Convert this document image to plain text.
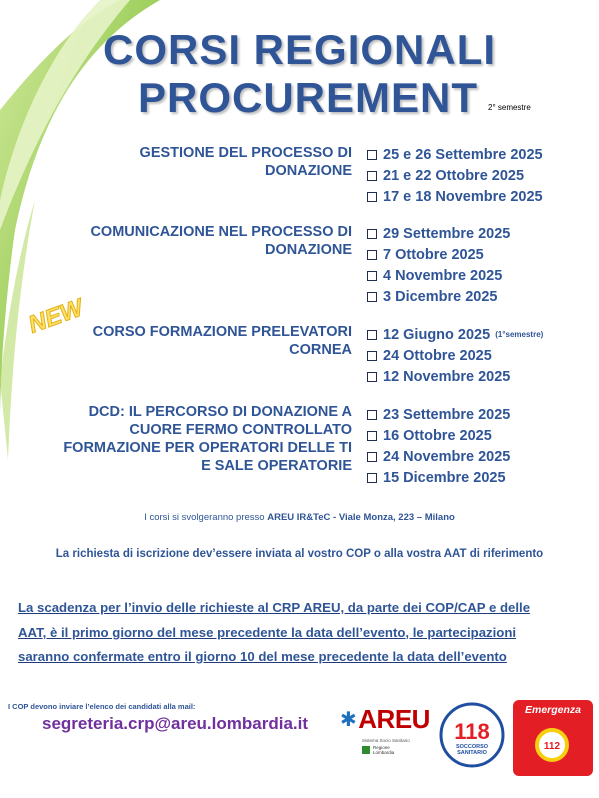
CORSI REGIONALI
PROCUREMENT 2° semestre
GESTIONE DEL PROCESSO DI
DONAZIONE
25 e 26 Settembre 2025
21 e 22 Ottobre 2025
17 e 18 Novembre 2025
COMUNICAZIONE NEL PROCESSO DI
DONAZIONE
29 Settembre 2025
7 Ottobre 2025
4 Novembre 2025
3 Dicembre 2025
NEW CORSO FORMAZIONE PRELEVATORI
CORNEA
12 Giugno 2025 (1°semestre)
24 Ottobre 2025
12 Novembre 2025
DCD: IL PERCORSO DI DONAZIONE A
CUORE FERMO CONTROLLATO
FORMAZIONE PER OPERATORI DELLE TI
E SALE OPERATORIE
23 Settembre 2025
16 Ottobre 2025
24 Novembre 2025
15 Dicembre 2025
I corsi si svolgeranno presso AREU IR&TeC - Viale Monza, 223 – Milano
La richiesta di iscrizione dev’essere inviata al vostro COP o alla vostra AAT di riferimento
La scadenza per l’invio delle richieste al CRP AREU, da parte dei COP/CAP e delle
AAT, è il primo giorno del mese precedente la data dell’evento, le partecipazioni
saranno confermate entro il giorno 10 del mese precedente la data dell’evento
I COP devono inviare l’elenco dei candidati alla mail:
segreteria.crp@areu.lombardia.it ✱ AREU
Sistema Socio Sanitario
Regione
Lombardia
118
SOCCORSO
SANITARIO
Emergenza
112
